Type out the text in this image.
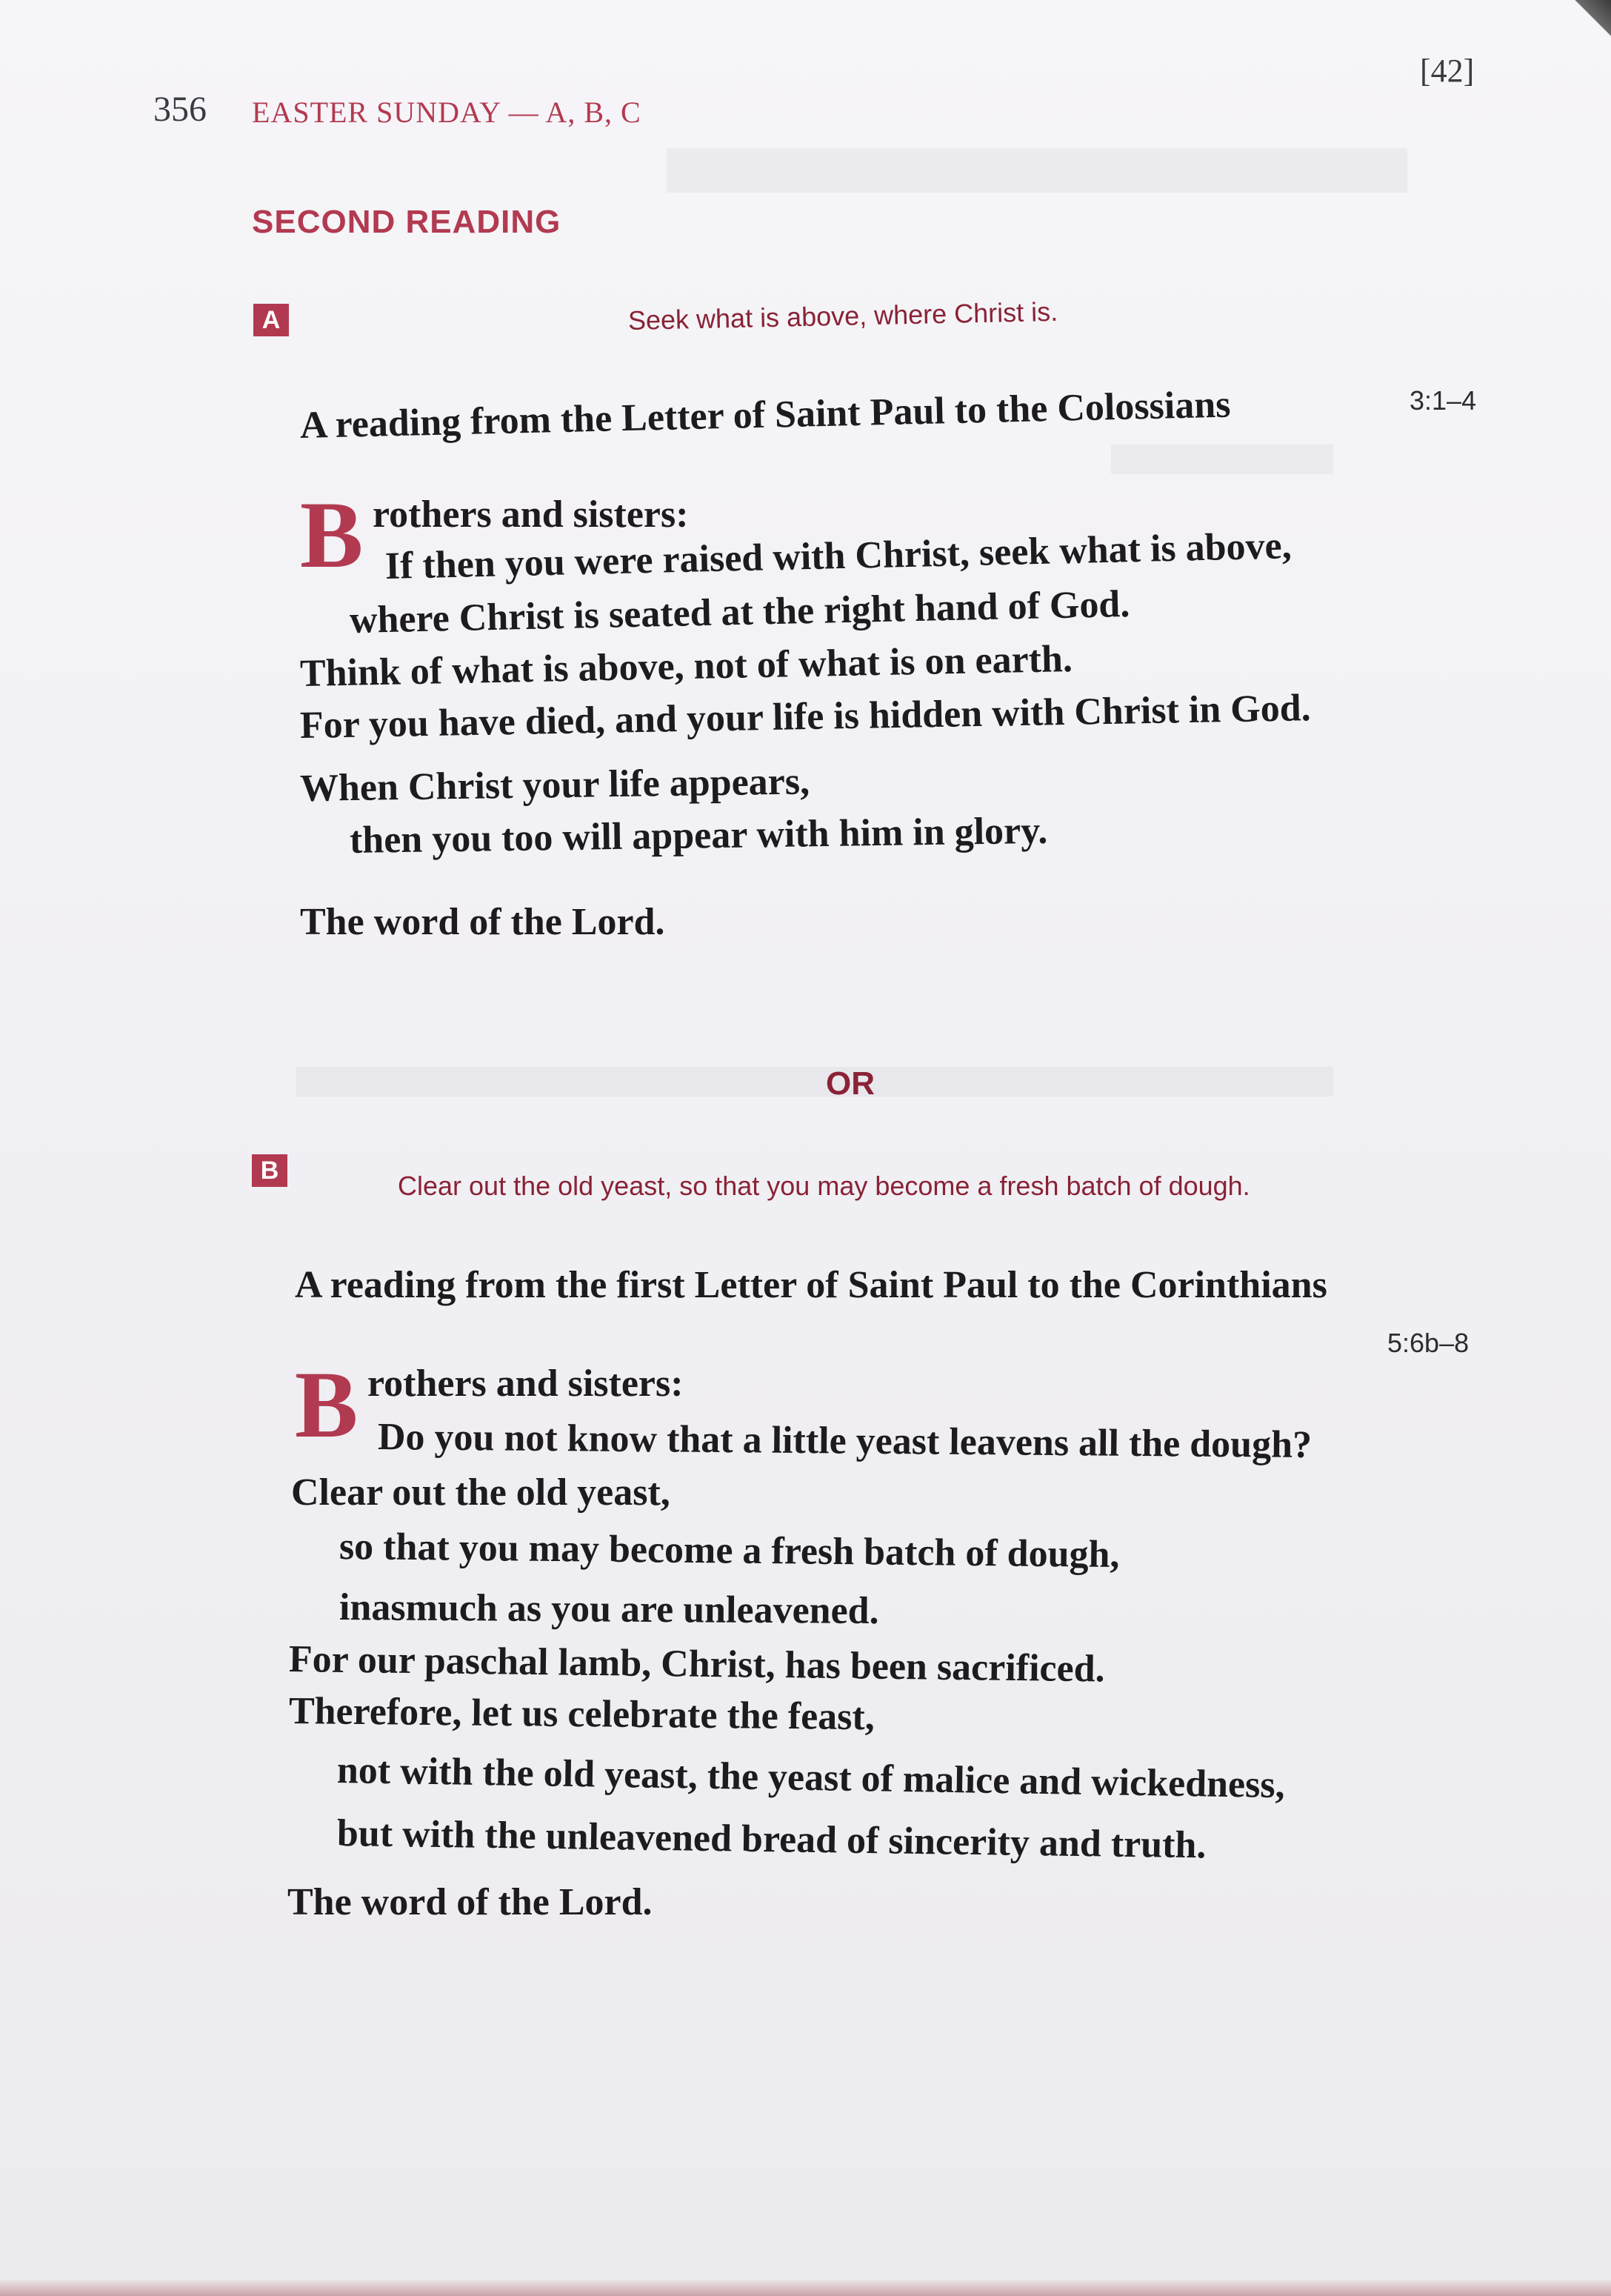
356 EASTER SUNDAY — A, B, C
[42]
SECOND READING
A	Seek what is above, where Christ is.
A reading from the Letter of Saint Paul to the Colossians	3:1–4
B rothers and sisters:
If then you were raised with Christ, seek what is above,
where Christ is seated at the right hand of God.
Think of what is above, not of what is on earth.
For you have died, and your life is hidden with Christ in God.
When Christ your life appears,
then you too will appear with him in glory.
The word of the Lord.
OR
B
Clear out the old yeast, so that you may become a fresh batch of dough.
A reading from the first Letter of Saint Paul to the Corinthians
5:6b–8
B rothers and sisters:
Do you not know that a little yeast leavens all the dough?
Clear out the old yeast,
so that you may become a fresh batch of dough,
inasmuch as you are unleavened.
For our paschal lamb, Christ, has been sacrificed.
Therefore, let us celebrate the feast,
not with the old yeast, the yeast of malice and wickedness,
but with the unleavened bread of sincerity and truth.
The word of the Lord.
